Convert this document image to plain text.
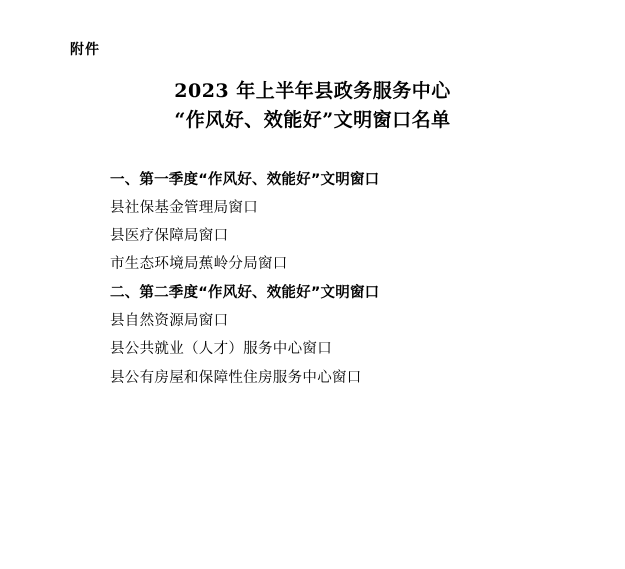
附件
2023 年上半年县政务服务中心
“作风好、效能好”文明窗口名单
一、第一季度“作风好、效能好”文明窗口
县社保基金管理局窗口
县医疗保障局窗口
市生态环境局蕉岭分局窗口
二、第二季度“作风好、效能好”文明窗口
县自然资源局窗口
县公共就业（人才）服务中心窗口
县公有房屋和保障性住房服务中心窗口
